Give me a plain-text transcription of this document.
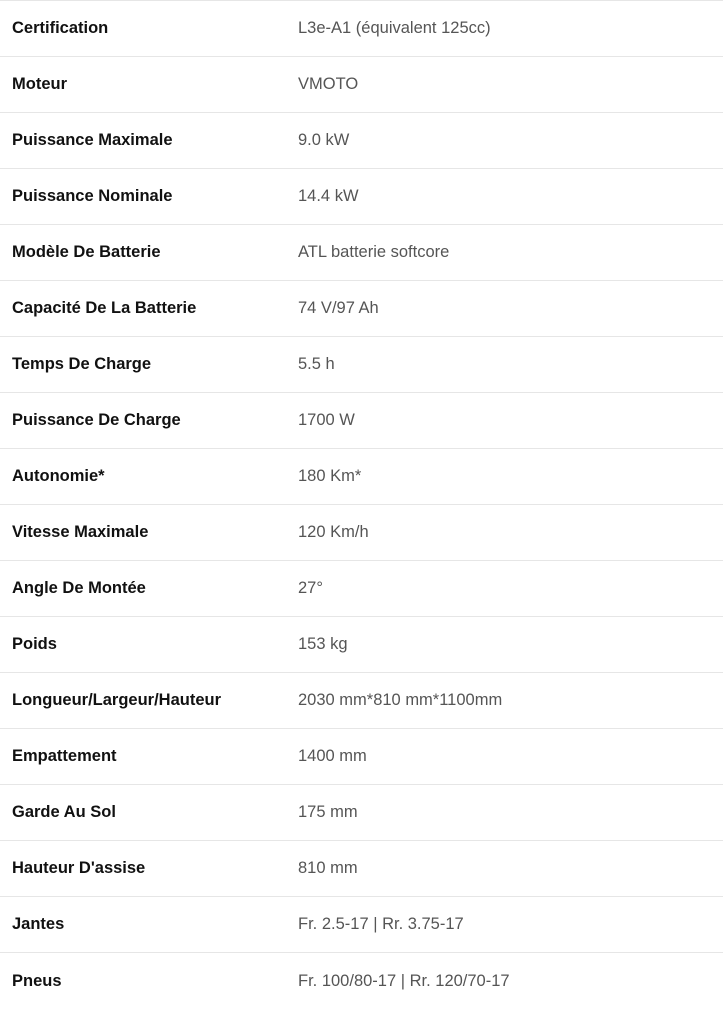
Certification	L3e-A1 (équivalent 125cc)
Moteur	VMOTO
Puissance Maximale	9.0 kW
Puissance Nominale	14.4 kW
Modèle De Batterie	ATL batterie softcore
Capacité De La Batterie	74 V/97 Ah
Temps De Charge	5.5 h
Puissance De Charge	1700 W
Autonomie*	180 Km*
Vitesse Maximale	120 Km/h
Angle De Montée	27°
Poids	153 kg
Longueur/Largeur/Hauteur	2030 mm*810 mm*1100mm
Empattement	1400 mm
Garde Au Sol	175 mm
Hauteur D'assise	810 mm
Jantes	Fr. 2.5-17 | Rr. 3.75-17
Pneus	Fr. 100/80-17 | Rr. 120/70-17
